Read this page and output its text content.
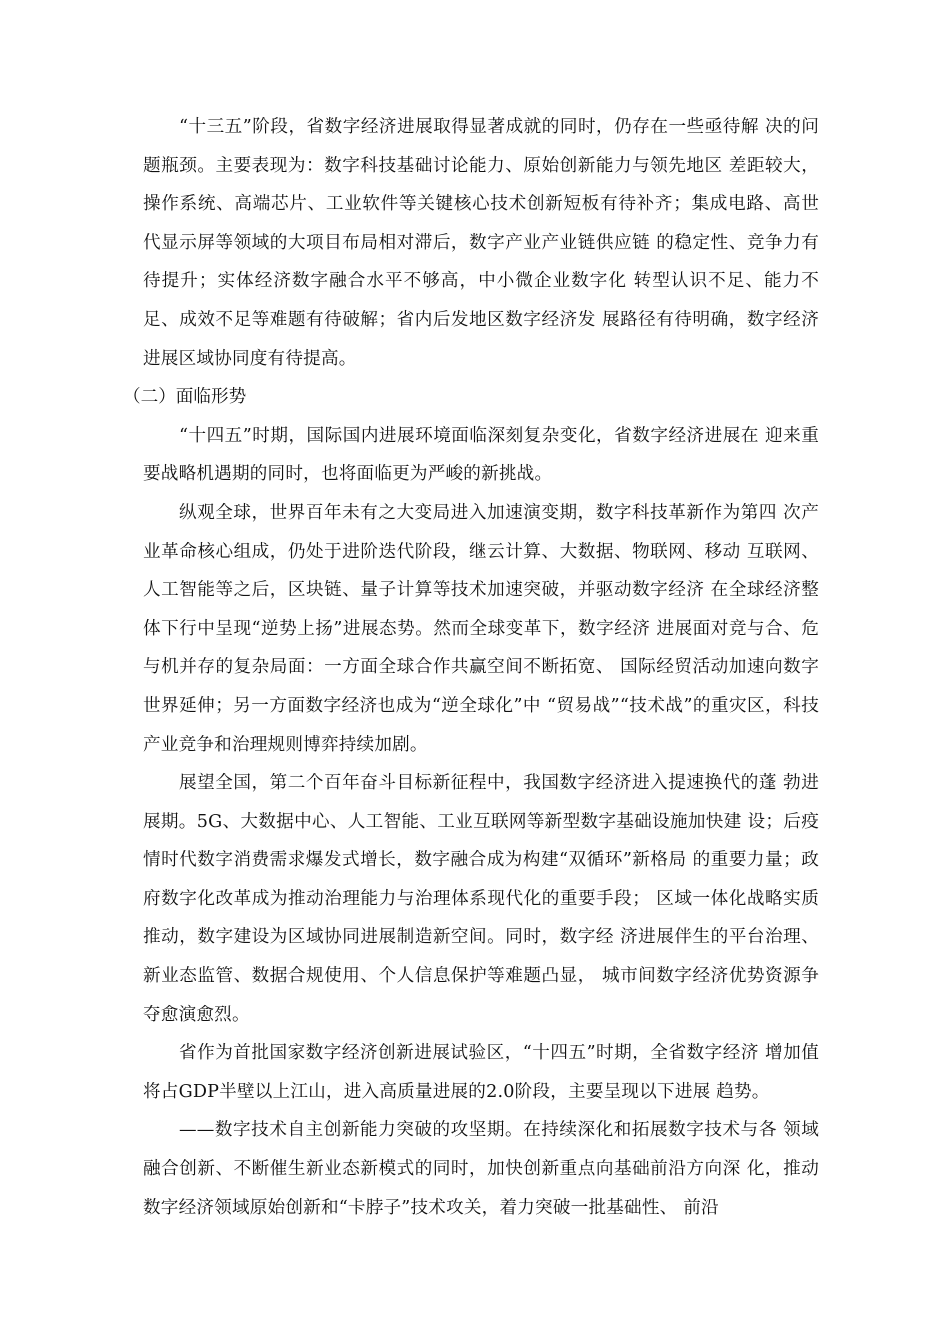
“十三五”阶段，省数字经济进展取得显著成就的同时，仍存在一些亟待解 决的问题瓶颈。主要表现为：数字科技基础讨论能力、原始创新能力与领先地区 差距较大，操作系统、高端芯片、工业软件等关键核心技术创新短板有待补齐；集成电路、高世代显示屏等领域的大项目布局相对滞后，数字产业产业链供应链 的稳定性、竞争力有待提升；实体经济数字融合水平不够高，中小微企业数字化 转型认识不足、能力不足、成效不足等难题有待破解；省内后发地区数字经济发 展路径有待明确，数字经济进展区域协同度有待提高。

（二）面临形势

“十四五”时期，国际国内进展环境面临深刻复杂变化，省数字经济进展在 迎来重要战略机遇期的同时，也将面临更为严峻的新挑战。

纵观全球，世界百年未有之大变局进入加速演变期，数字科技革新作为第四 次产业革命核心组成，仍处于进阶迭代阶段，继云计算、大数据、物联网、移动 互联网、人工智能等之后，区块链、量子计算等技术加速突破，并驱动数字经济 在全球经济整体下行中呈现“逆势上扬”进展态势。然而全球变革下，数字经济 进展面对竞与合、危与机并存的复杂局面：一方面全球合作共赢空间不断拓宽、 国际经贸活动加速向数字世界延伸；另一方面数字经济也成为“逆全球化”中 “贸易战”“技术战”的重灾区，科技产业竞争和治理规则博弈持续加剧。

展望全国，第二个百年奋斗目标新征程中，我国数字经济进入提速换代的蓬 勃进展期。5G、大数据中心、人工智能、工业互联网等新型数字基础设施加快建 设；后疫情时代数字消费需求爆发式增长，数字融合成为构建“双循环”新格局 的重要力量；政府数字化改革成为推动治理能力与治理体系现代化的重要手段； 区域一体化战略实质推动，数字建设为区域协同进展制造新空间。同时，数字经 济进展伴生的平台治理、新业态监管、数据合规使用、个人信息保护等难题凸显， 城市间数字经济优势资源争夺愈演愈烈。

省作为首批国家数字经济创新进展试验区，“十四五”时期，全省数字经济 增加值将占GDP半壁以上江山，进入高质量进展的2.0阶段，主要呈现以下进展 趋势。

——数字技术自主创新能力突破的攻坚期。在持续深化和拓展数字技术与各 领域融合创新、不断催生新业态新模式的同时，加快创新重点向基础前沿方向深 化，推动数字经济领域原始创新和“卡脖子”技术攻关，着力突破一批基础性、 前沿
